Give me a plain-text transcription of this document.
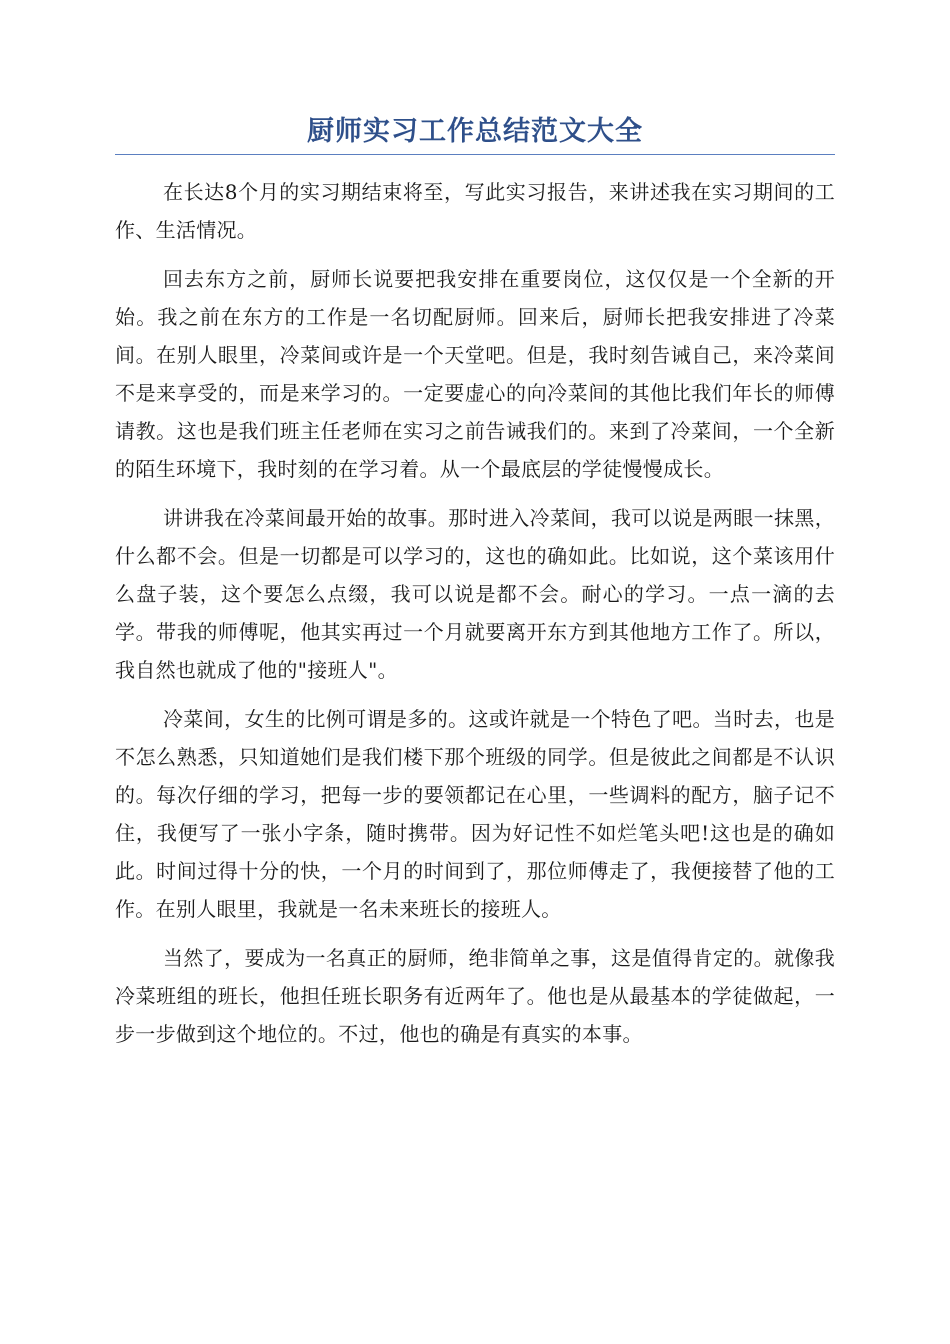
厨师实习工作总结范文大全

在长达8个月的实习期结束将至，写此实习报告，来讲述我在实习期间的工作、生活情况。

回去东方之前，厨师长说要把我安排在重要岗位，这仅仅是一个全新的开始。我之前在东方的工作是一名切配厨师。回来后，厨师长把我安排进了冷菜间。在别人眼里，冷菜间或许是一个天堂吧。但是，我时刻告诫自己，来冷菜间不是来享受的，而是来学习的。一定要虚心的向冷菜间的其他比我们年长的师傅请教。这也是我们班主任老师在实习之前告诫我们的。来到了冷菜间，一个全新的陌生环境下，我时刻的在学习着。从一个最底层的学徒慢慢成长。

讲讲我在冷菜间最开始的故事。那时进入冷菜间，我可以说是两眼一抹黑，什么都不会。但是一切都是可以学习的，这也的确如此。比如说，这个菜该用什么盘子装，这个要怎么点缀，我可以说是都不会。耐心的学习。一点一滴的去学。带我的师傅呢，他其实再过一个月就要离开东方到其他地方工作了。所以，我自然也就成了他的"接班人"。

冷菜间，女生的比例可谓是多的。这或许就是一个特色了吧。当时去，也是不怎么熟悉，只知道她们是我们楼下那个班级的同学。但是彼此之间都是不认识的。每次仔细的学习，把每一步的要领都记在心里，一些调料的配方，脑子记不住，我便写了一张小字条，随时携带。因为好记性不如烂笔头吧!这也是的确如此。时间过得十分的快，一个月的时间到了，那位师傅走了，我便接替了他的工作。在别人眼里，我就是一名未来班长的接班人。

当然了，要成为一名真正的厨师，绝非简单之事，这是值得肯定的。就像我冷菜班组的班长，他担任班长职务有近两年了。他也是从最基本的学徒做起，一步一步做到这个地位的。不过，他也的确是有真实的本事。
